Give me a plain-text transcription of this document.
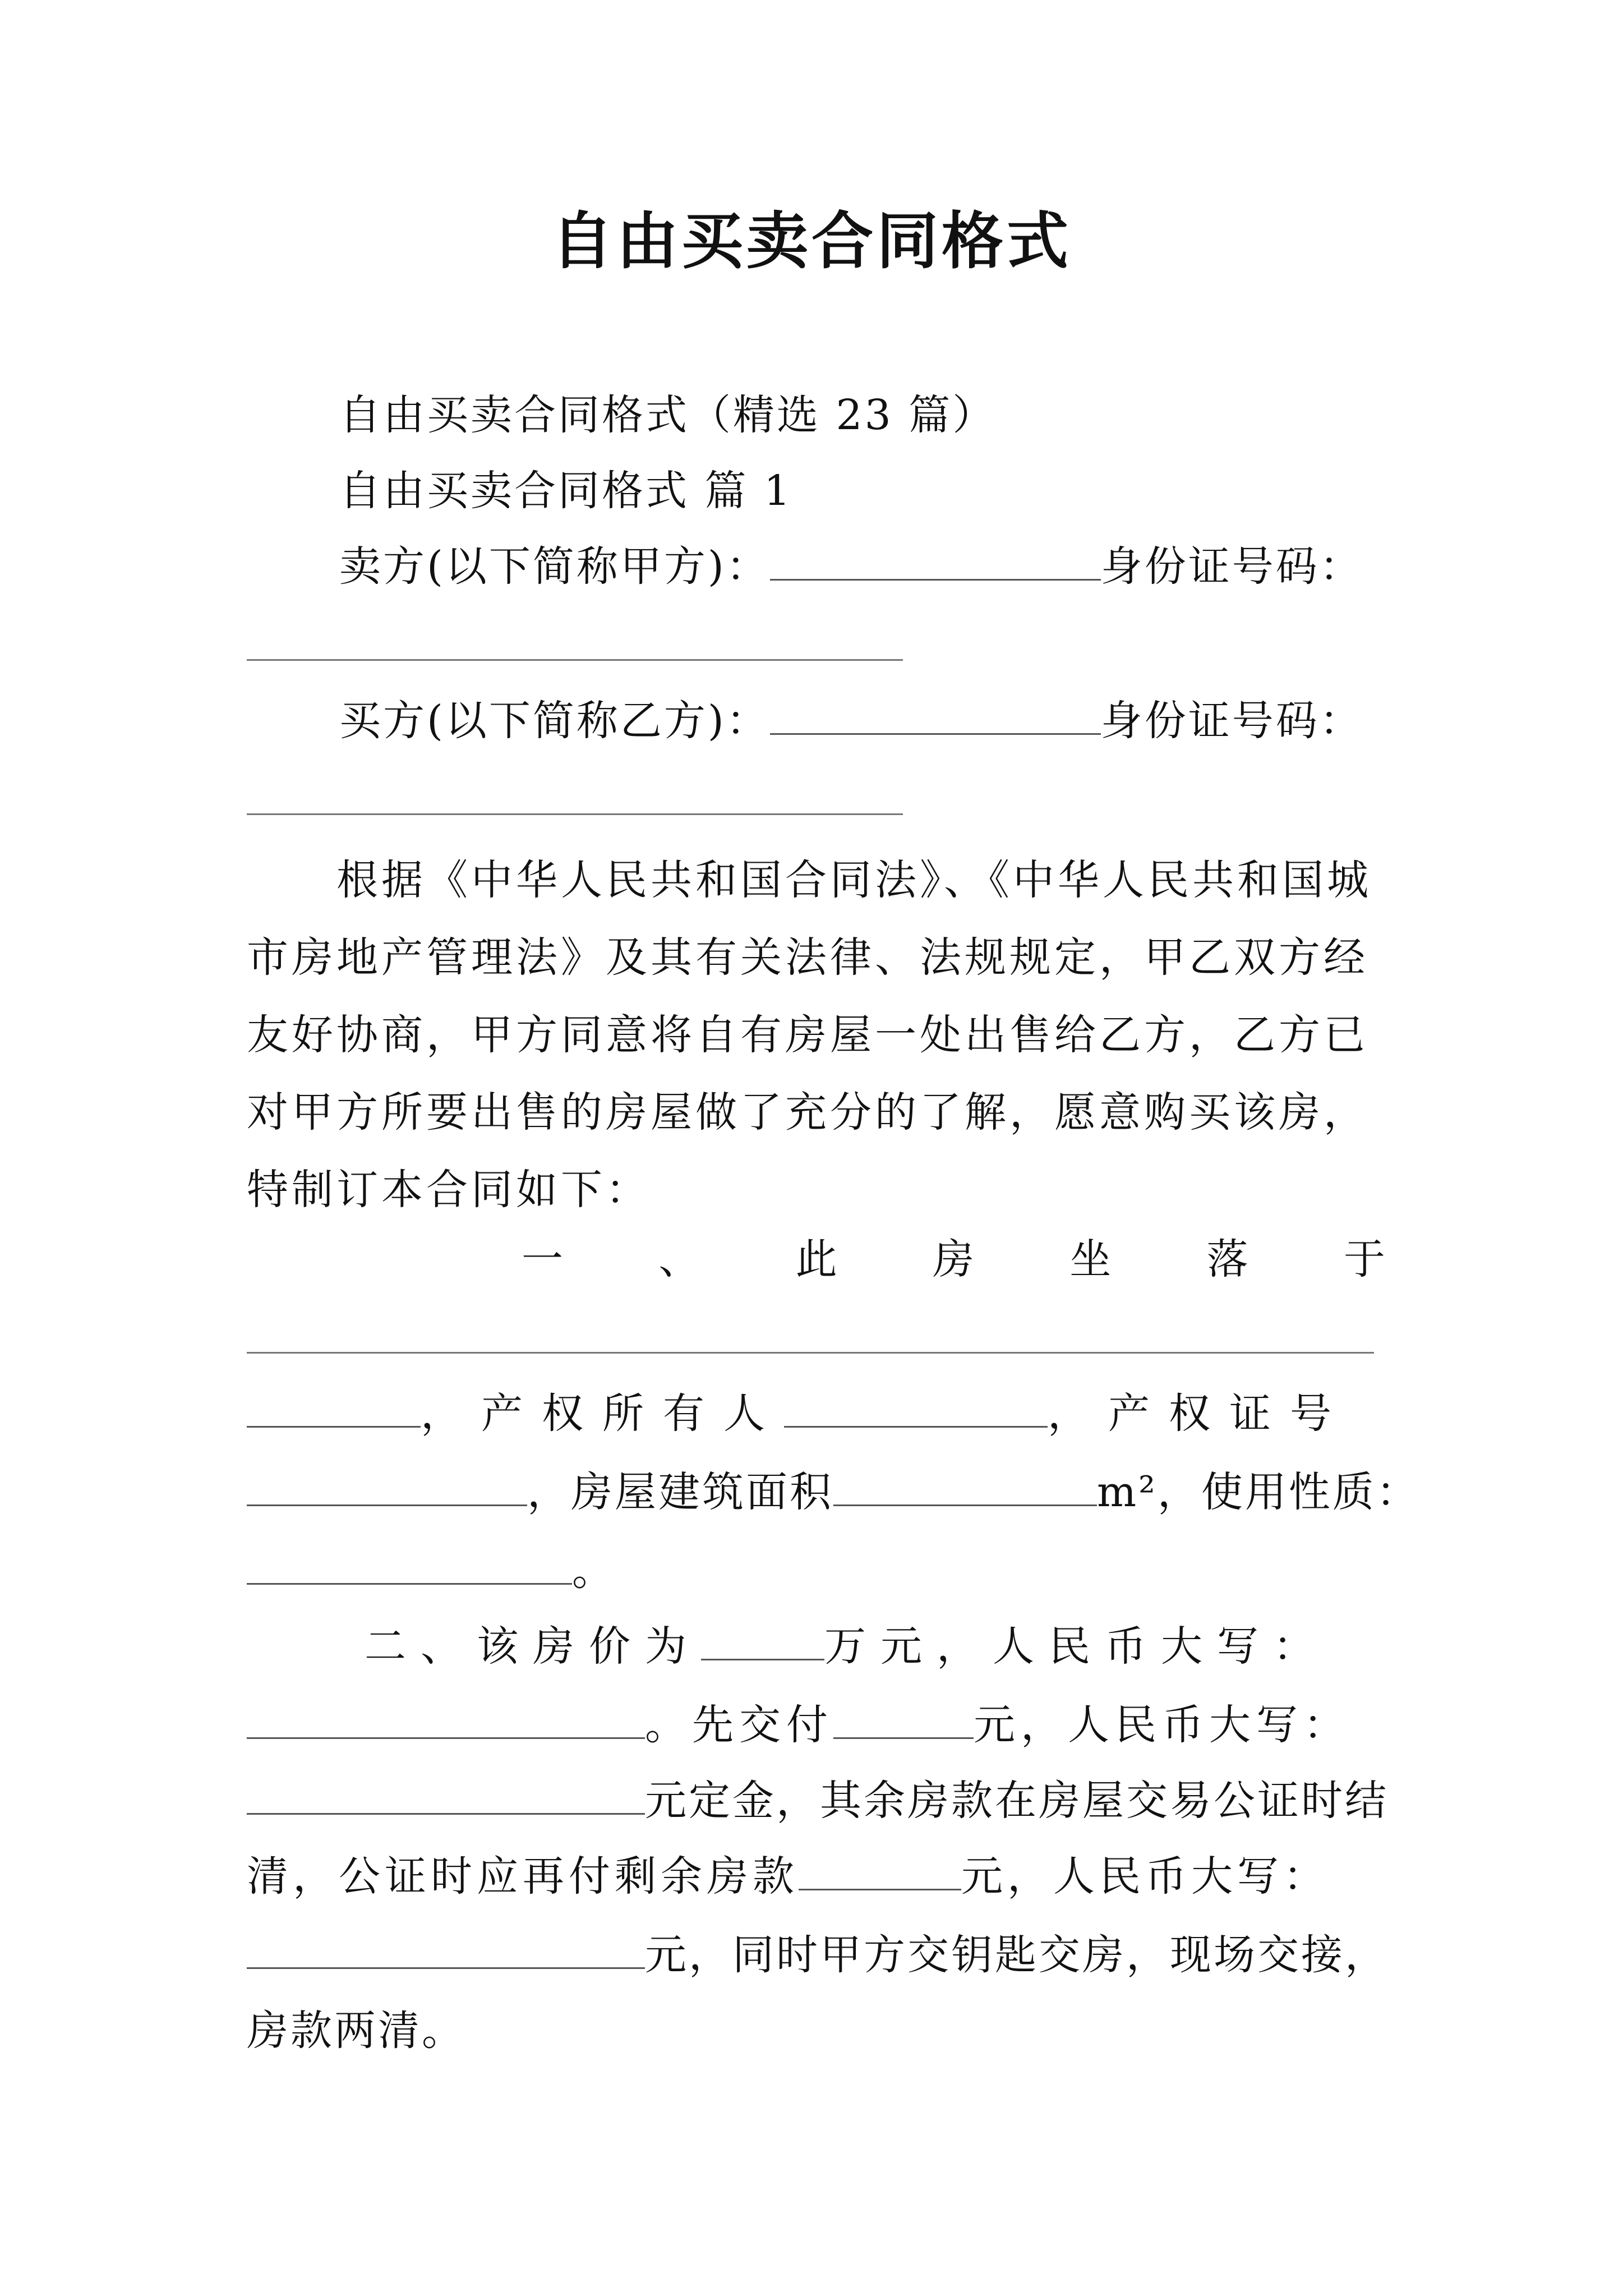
自由买卖合同格式
自由买卖合同格式（精选 23 篇）
自由买卖合同格式 篇 1
卖方(以下简称甲方)：	身份证号码：
买方(以下简称乙方)：	身份证号码：
根据《中华人民共和国合同法》、《中华人民共和国城市房地产管理法》及其有关法律、法规规定，甲乙双方经友好协商，甲方同意将自有房屋一处出售给乙方，乙方已对甲方所要出售的房屋做了充分的了解，愿意购买该房，特制订本合同如下：
一 、 此 房 坐 落 于
，产权所有人	，产权证号
，房屋建筑面积	m²，使用性质：
。
二、该房价为	万元，人民币大写：
。先交付	元，人民币大写：
元定金，其余房款在房屋交易公证时结
清，公证时应再付剩余房款	元，人民币大写：
元，同时甲方交钥匙交房，现场交接，
房款两清。
